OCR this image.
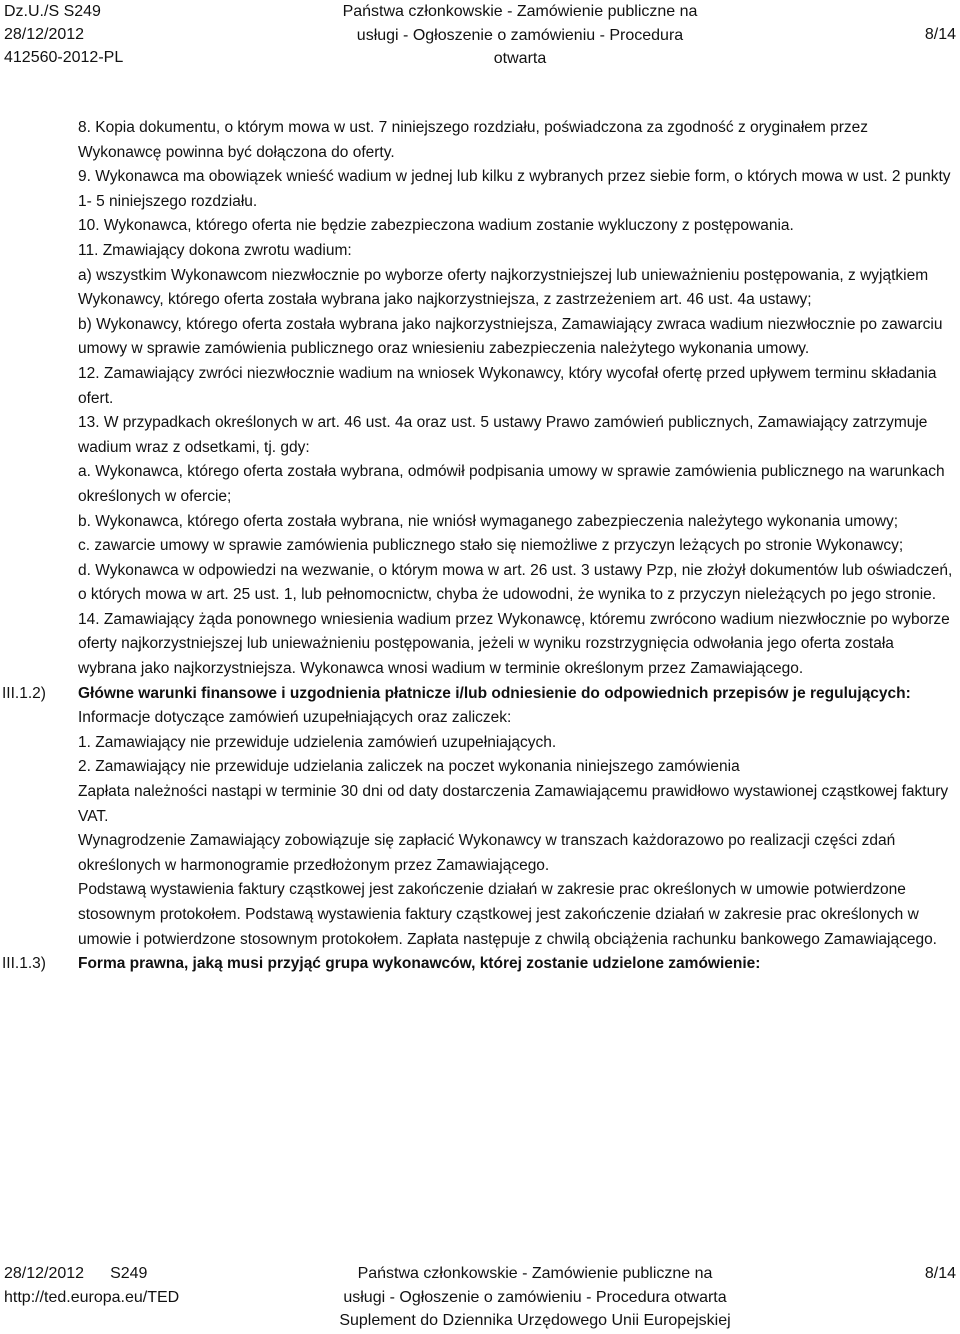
Dz.U./S S249
28/12/2012
412560-2012-PL
Państwa członkowskie - Zamówienie publiczne na
usługi - Ogłoszenie o zamówieniu - Procedura otwarta
8/14

8. Kopia dokumentu, o którym mowa w ust. 7 niniejszego rozdziału, poświadczona za zgodność z oryginałem przez Wykonawcę powinna być dołączona do oferty.

9. Wykonawca ma obowiązek wnieść wadium w jednej lub kilku z wybranych przez siebie form, o których mowa w ust. 2 punkty 1- 5 niniejszego rozdziału.

10. Wykonawca, którego oferta nie będzie zabezpieczona wadium zostanie wykluczony z postępowania.

11. Zmawiający dokona zwrotu wadium:

a) wszystkim Wykonawcom niezwłocznie po wyborze oferty najkorzystniejszej lub unieważnieniu postępowania, z wyjątkiem Wykonawcy, którego oferta została wybrana jako najkorzystniejsza, z zastrzeżeniem art. 46 ust. 4a ustawy;

b) Wykonawcy, którego oferta została wybrana jako najkorzystniejsza, Zamawiający zwraca wadium niezwłocznie po zawarciu umowy w sprawie zamówienia publicznego oraz wniesieniu zabezpieczenia należytego wykonania umowy.

12. Zamawiający zwróci niezwłocznie wadium na wniosek Wykonawcy, który wycofał ofertę przed upływem terminu składania ofert.

13. W przypadkach określonych w art. 46 ust. 4a oraz ust. 5 ustawy Prawo zamówień publicznych, Zamawiający zatrzymuje wadium wraz z odsetkami, tj. gdy:

a. Wykonawca, którego oferta została wybrana, odmówił podpisania umowy w sprawie zamówienia publicznego na warunkach określonych w ofercie;

b. Wykonawca, którego oferta została wybrana, nie wniósł wymaganego zabezpieczenia należytego wykonania umowy;

c. zawarcie umowy w sprawie zamówienia publicznego stało się niemożliwe z przyczyn leżących po stronie Wykonawcy;

d. Wykonawca w odpowiedzi na wezwanie, o którym mowa w art. 26 ust. 3 ustawy Pzp, nie złożył dokumentów lub oświadczeń, o których mowa w art. 25 ust. 1, lub pełnomocnictw, chyba że udowodni, że wynika to z przyczyn nieleżących po jego stronie.

14. Zamawiający żąda ponownego wniesienia wadium przez Wykonawcę, któremu zwrócono wadium niezwłocznie po wyborze oferty najkorzystniejszej lub unieważnieniu postępowania, jeżeli w wyniku rozstrzygnięcia odwołania jego oferta została wybrana jako najkorzystniejsza. Wykonawca wnosi wadium w terminie określonym przez Zamawiającego.

III.1.2)	Główne warunki finansowe i uzgodnienia płatnicze i/lub odniesienie do odpowiednich przepisów je regulujących:

Informacje dotyczące zamówień uzupełniających oraz zaliczek:

1. Zamawiający nie przewiduje udzielenia zamówień uzupełniających.

2. Zamawiający nie przewiduje udzielania zaliczek na poczet wykonania niniejszego zamówienia

Zapłata należności nastąpi w terminie 30 dni od daty dostarczenia Zamawiającemu prawidłowo wystawionej cząstkowej faktury VAT.

Wynagrodzenie Zamawiający zobowiązuje się zapłacić Wykonawcy w transzach każdorazowo po realizacji części zdań określonych w harmonogramie przedłożonym przez Zamawiającego.

Podstawą wystawienia faktury cząstkowej jest zakończenie działań w zakresie prac określonych w umowie potwierdzone stosownym protokołem. Podstawą wystawienia faktury cząstkowej jest zakończenie działań w zakresie prac określonych w umowie i potwierdzone stosownym protokołem. Zapłata następuje z chwilą obciążenia rachunku bankowego Zamawiającego.

III.1.3)	Forma prawna, jaką musi przyjąć grupa wykonawców, której zostanie udzielone zamówienie:

28/12/2012 S249
http://ted.europa.eu/TED
Państwa członkowskie - Zamówienie publiczne na
usługi - Ogłoszenie o zamówieniu - Procedura otwarta
Suplement do Dziennika Urzędowego Unii Europejskiej
8/14
